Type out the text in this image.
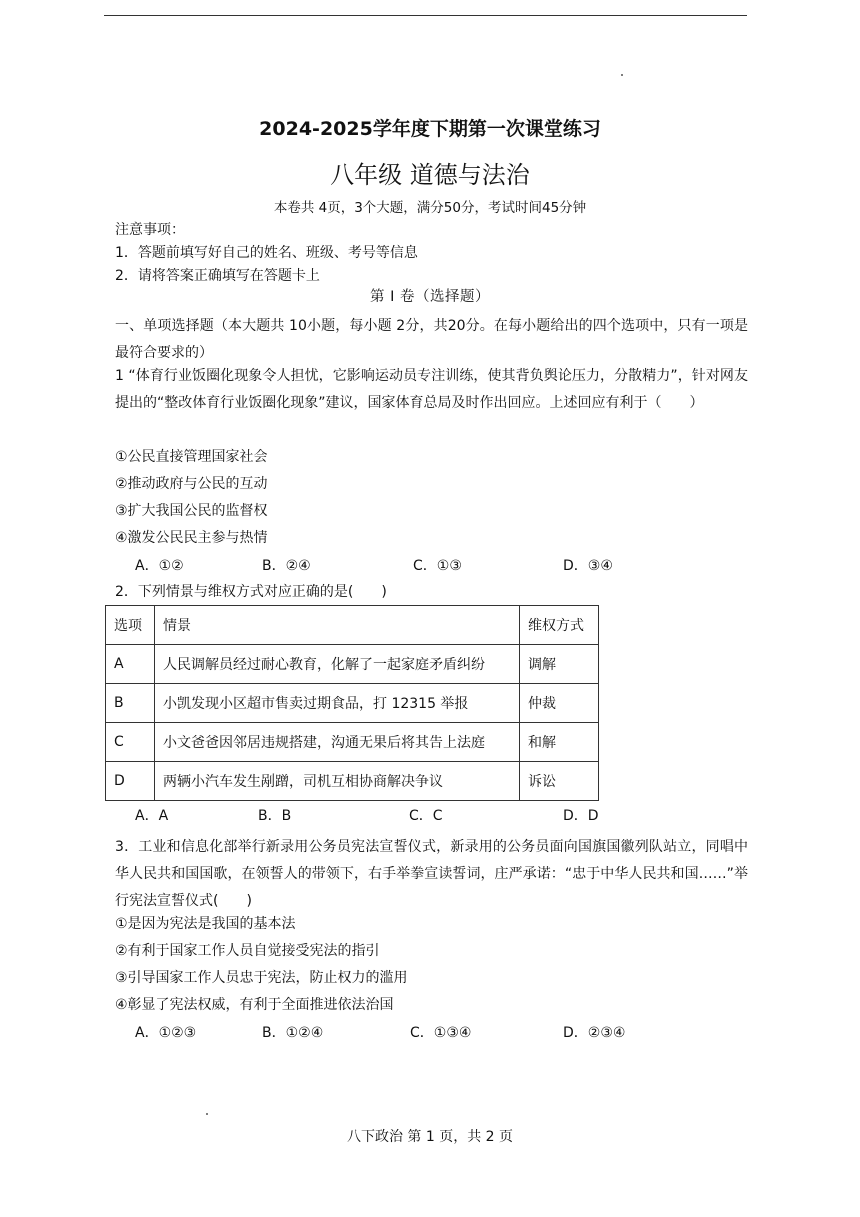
2024-2025学年度下期第一次课堂练习
八年级 道德与法治
本卷共 4页，3个大题，满分50分，考试时间45分钟
注意事项：
1．答题前填写好自己的姓名、班级、考号等信息
2．请将答案正确填写在答题卡上
第 I 卷（选择题）
一、单项选择题（本大题共 10小题，每小题 2分，共20分。在每小题给出的四个选项中，只有一项是最符合要求的）
1 “体育行业饭圈化现象令人担忧，它影响运动员专注训练，使其背负舆论压力，分散精力”，针对网友提出的“整改体育行业饭圈化现象”建议，国家体育总局及时作出回应。上述回应有利于（　　）
①公民直接管理国家社会
②推动政府与公民的互动
③扩大我国公民的监督权
④激发公民民主参与热情
A．①②	B．②④	C．①③	D．③④
2．下列情景与维权方式对应正确的是(　　)
选项	情景	维权方式
A	人民调解员经过耐心教育，化解了一起家庭矛盾纠纷	调解
B	小凯发现小区超市售卖过期食品，打 12315 举报	仲裁
C	小文爸爸因邻居违规搭建，沟通无果后将其告上法庭	和解
D	两辆小汽车发生剐蹭，司机互相协商解决争议	诉讼
A．A	B．B	C．C	D．D
3．工业和信息化部举行新录用公务员宪法宣誓仪式，新录用的公务员面向国旗国徽列队站立，同唱中华人民共和国国歌，在领誓人的带领下，右手举拳宣读誓词，庄严承诺：“忠于中华人民共和国……”举行宪法宣誓仪式(　　)
①是因为宪法是我国的基本法
②有利于国家工作人员自觉接受宪法的指引
③引导国家工作人员忠于宪法，防止权力的滥用
④彰显了宪法权威，有利于全面推进依法治国
A．①②③	B．①②④	C．①③④	D．②③④
八下政治 第 1 页，共 2 页
